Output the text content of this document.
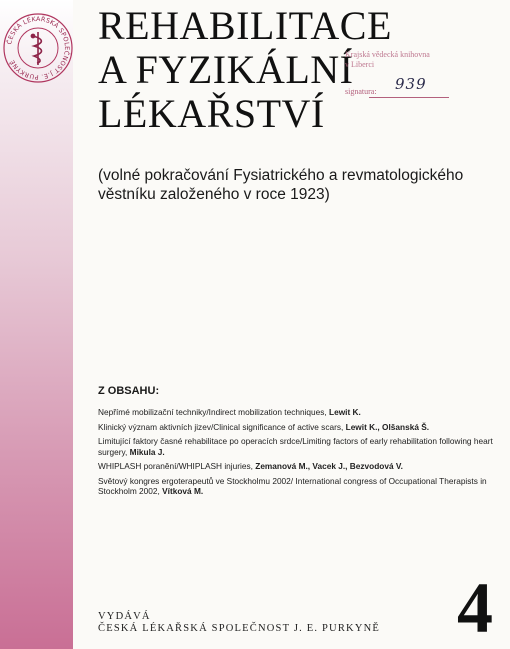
ČESKÁ LÉKAŘSKÁ SPOLEČNOST J.E. PURKYNĚ
REHABILITACE
A FYZIKÁLNÍ
LÉKAŘSTVÍ
Krajská vědecká knihovna
v Liberci
signatura: 939
(volné pokračování Fysiatrického a revmatologického věstníku založeného v roce 1923)
Z OBSAHU:
Nepřímé mobilizační techniky/Indirect mobilization techniques, Lewit K.
Klinický význam aktivních jizev/Clinical significance of active scars, Lewit K., Olšanská Š.
Limitující faktory časné rehabilitace po operacích srdce/Limiting factors of early rehabilitation following heart surgery, Mikula J.
WHIPLASH poranění/WHIPLASH injuries, Zemanová M., Vacek J., Bezvodová V.
Světový kongres ergoterapeutů ve Stockholmu 2002/ International congress of Occupational Therapists in Stockholm 2002, Vítková M.
VYDÁVÁ
ČESKÁ LÉKAŘSKÁ SPOLEČNOST J. E. PURKYNĚ 4
